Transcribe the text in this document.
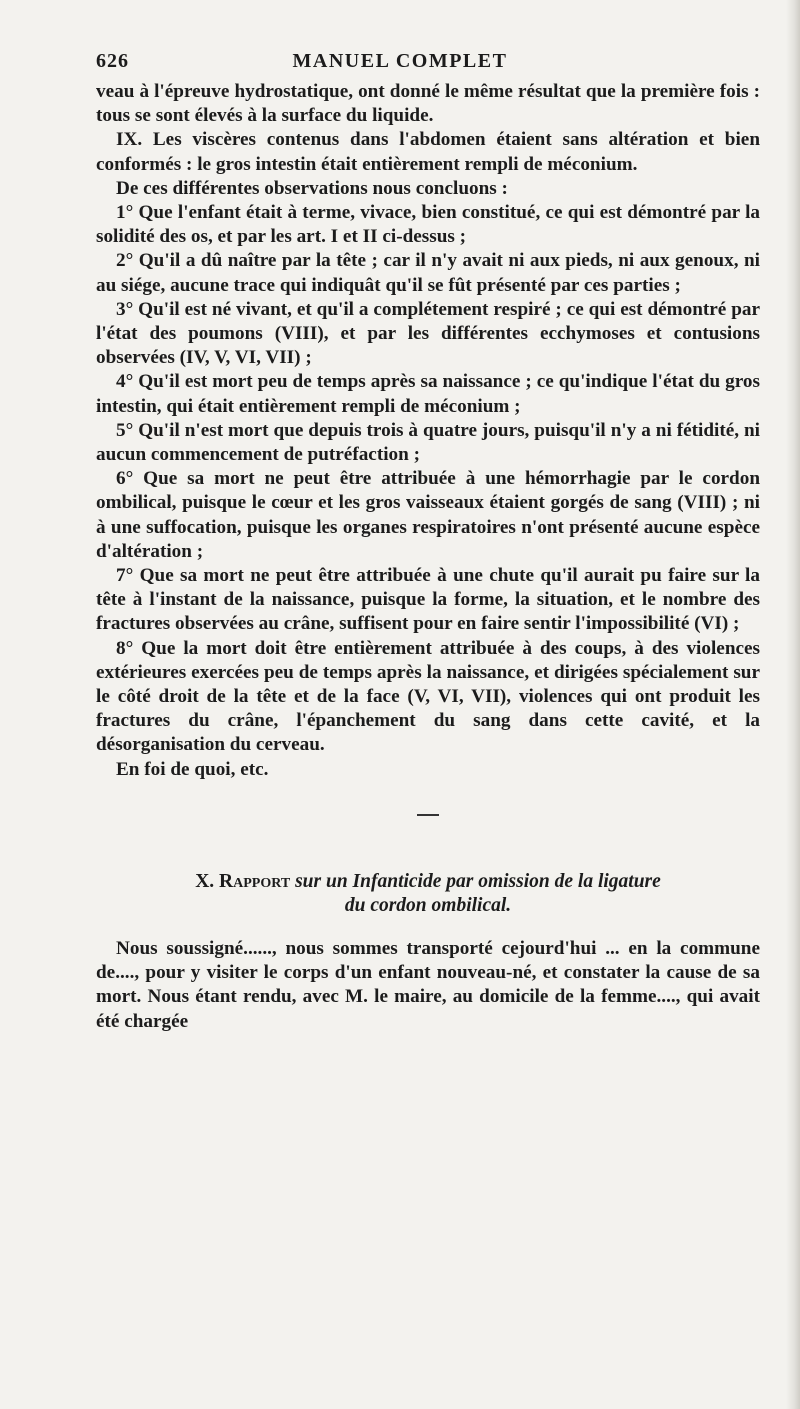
626	MANUEL COMPLET

veau à l'épreuve hydrostatique, ont donné le même résultat que la première fois : tous se sont élevés à la surface du liquide.

IX. Les viscères contenus dans l'abdomen étaient sans altération et bien conformés : le gros intestin était entièrement rempli de méconium.

De ces différentes observations nous concluons :

1° Que l'enfant était à terme, vivace, bien constitué, ce qui est démontré par la solidité des os, et par les art. I et II ci-dessus ;

2° Qu'il a dû naître par la tête ; car il n'y avait ni aux pieds, ni aux genoux, ni au siége, aucune trace qui indiquât qu'il se fût présenté par ces parties ;

3° Qu'il est né vivant, et qu'il a complétement respiré ; ce qui est démontré par l'état des poumons (VIII), et par les différentes ecchymoses et contusions observées (IV, V, VI, VII) ;

4° Qu'il est mort peu de temps après sa naissance ; ce qu'indique l'état du gros intestin, qui était entièrement rempli de méconium ;

5° Qu'il n'est mort que depuis trois à quatre jours, puisqu'il n'y a ni fétidité, ni aucun commencement de putréfaction ;

6° Que sa mort ne peut être attribuée à une hémorrhagie par le cordon ombilical, puisque le cœur et les gros vaisseaux étaient gorgés de sang (VIII) ; ni à une suffocation, puisque les organes respiratoires n'ont présenté aucune espèce d'altération ;

7° Que sa mort ne peut être attribuée à une chute qu'il aurait pu faire sur la tête à l'instant de la naissance, puisque la forme, la situation, et le nombre des fractures observées au crâne, suffisent pour en faire sentir l'impossibilité (VI) ;

8° Que la mort doit être entièrement attribuée à des coups, à des violences extérieures exercées peu de temps après la naissance, et dirigées spécialement sur le côté droit de la tête et de la face (V, VI, VII), violences qui ont produit les fractures du crâne, l'épanchement du sang dans cette cavité, et la désorganisation du cerveau.

En foi de quoi, etc.

X. Rapport sur un Infanticide par omission de la ligature
du cordon ombilical.

Nous soussigné......, nous sommes transporté cejourd'hui ... en la commune de...., pour y visiter le corps d'un enfant nouveau-né, et constater la cause de sa mort. Nous étant rendu, avec M. le maire, au domicile de la femme...., qui avait été chargée
